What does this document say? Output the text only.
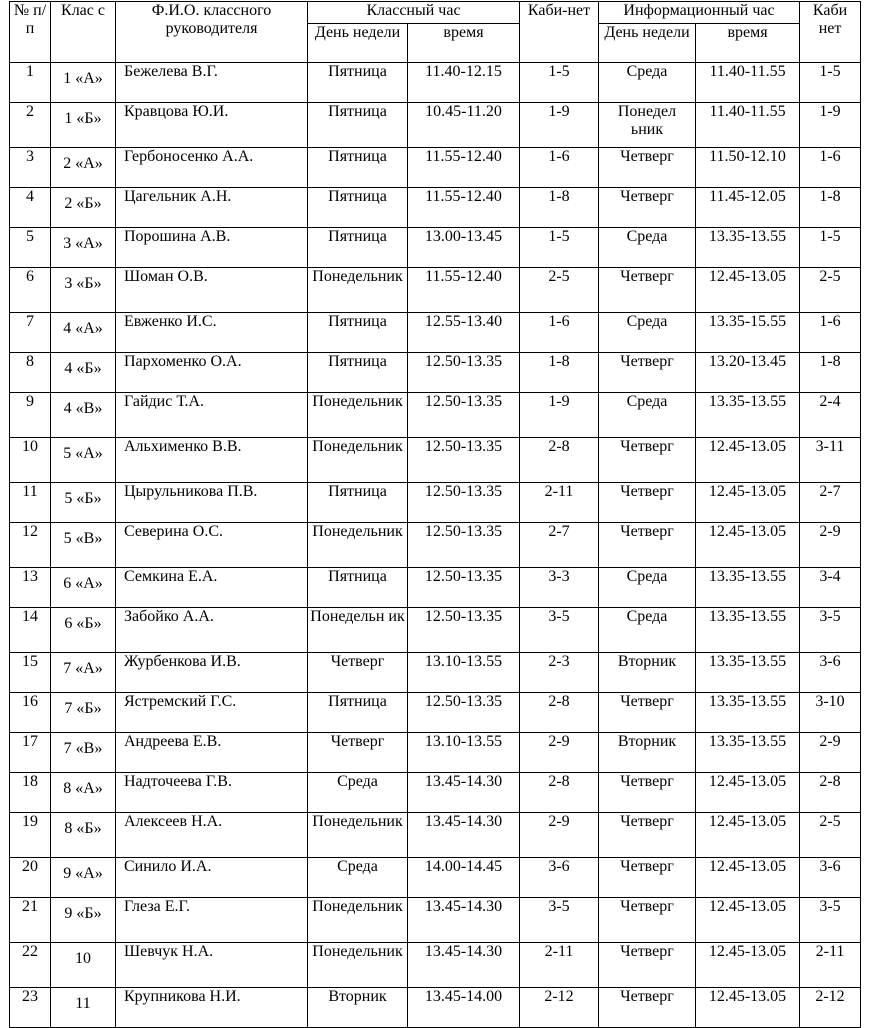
№ п/п	Клас с	Ф.И.О. классного руководителя	Классный час		Каби-нет	Информационный час		Каби нет
			День недели	время		День недели	время	
1	1 «А»	Бежелева В.Г.	Пятница	11.40-12.15	1-5	Среда	11.40-11.55	1-5
2	1 «Б»	Кравцова Ю.И.	Пятница	10.45-11.20	1-9	Понедел ьник	11.40-11.55	1-9
3	2 «А»	Гербоносенко А.А.	Пятница	11.55-12.40	1-6	Четверг	11.50-12.10	1-6
4	2 «Б»	Цагельник А.Н.	Пятница	11.55-12.40	1-8	Четверг	11.45-12.05	1-8
5	3 «А»	Порошина А.В.	Пятница	13.00-13.45	1-5	Среда	13.35-13.55	1-5
6	3 «Б»	Шоман О.В.	Понедельник	11.55-12.40	2-5	Четверг	12.45-13.05	2-5
7	4 «А»	Евженко И.С.	Пятница	12.55-13.40	1-6	Среда	13.35-15.55	1-6
8	4 «Б»	Пархоменко О.А.	Пятница	12.50-13.35	1-8	Четверг	13.20-13.45	1-8
9	4 «В»	Гайдис Т.А.	Понедельник	12.50-13.35	1-9	Среда	13.35-13.55	2-4
10	5 «А»	Альхименко В.В.	Понедельник	12.50-13.35	2-8	Четверг	12.45-13.05	3-11
11	5 «Б»	Цырульникова П.В.	Пятница	12.50-13.35	2-11	Четверг	12.45-13.05	2-7
12	5 «В»	Северина О.С.	Понедельник	12.50-13.35	2-7	Четверг	12.45-13.05	2-9
13	6 «А»	Семкина Е.А.	Пятница	12.50-13.35	3-3	Среда	13.35-13.55	3-4
14	6 «Б»	Забойко А.А.	Понедельн ик	12.50-13.35	3-5	Среда	13.35-13.55	3-5
15	7 «А»	Журбенкова И.В.	Четверг	13.10-13.55	2-3	Вторник	13.35-13.55	3-6
16	7 «Б»	Ястремский Г.С.	Пятница	12.50-13.35	2-8	Четверг	13.35-13.55	3-10
17	7 «В»	Андреева Е.В.	Четверг	13.10-13.55	2-9	Вторник	13.35-13.55	2-9
18	8 «А»	Надточеева Г.В.	Среда	13.45-14.30	2-8	Четверг	12.45-13.05	2-8
19	8 «Б»	Алексеев Н.А.	Понедельник	13.45-14.30	2-9	Четверг	12.45-13.05	2-5
20	9 «А»	Синило И.А.	Среда	14.00-14.45	3-6	Четверг	12.45-13.05	3-6
21	9 «Б»	Глеза Е.Г.	Понедельник	13.45-14.30	3-5	Четверг	12.45-13.05	3-5
22	10	Шевчук Н.А.	Понедельник	13.45-14.30	2-11	Четверг	12.45-13.05	2-11
23	11	Крупникова Н.И.	Вторник	13.45-14.00	2-12	Четверг	12.45-13.05	2-12
